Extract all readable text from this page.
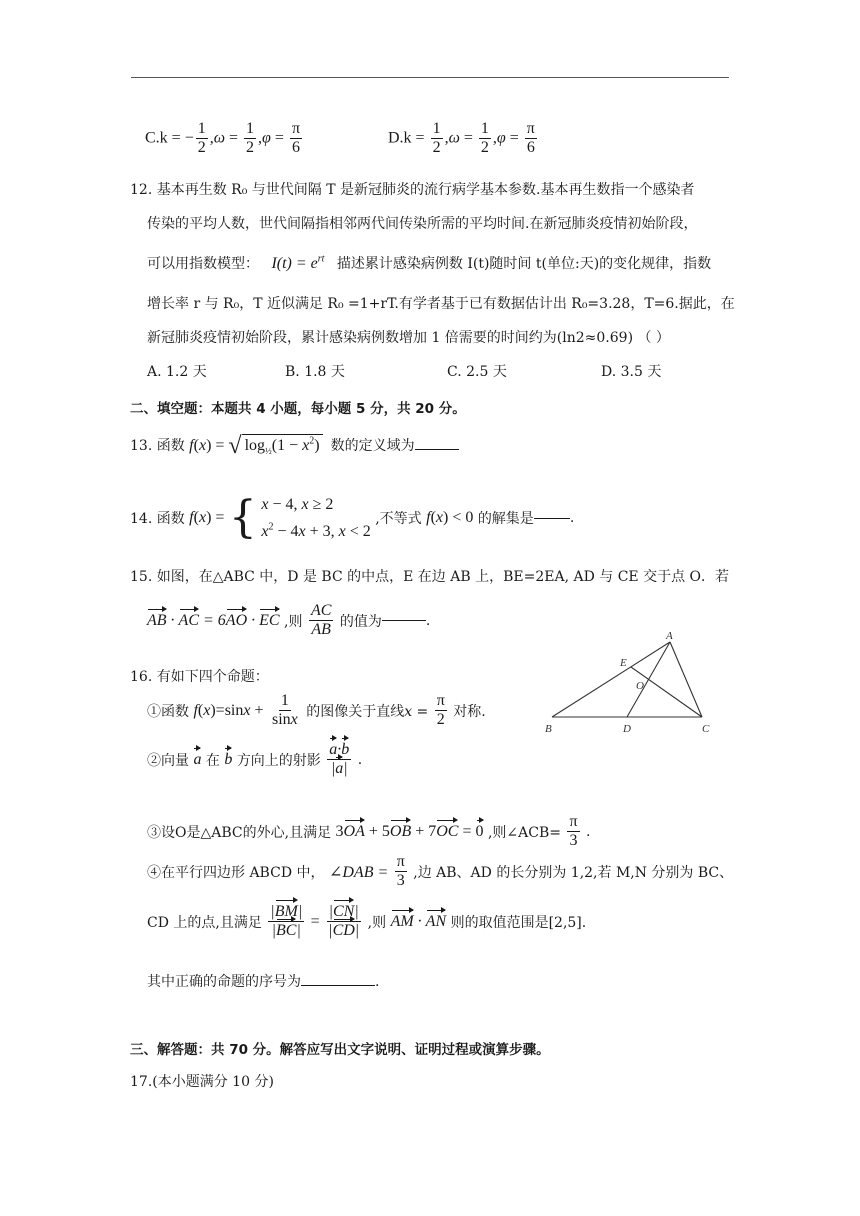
C.k = − $\frac{1}{2} ,\omega = \frac{1}{2} ,\varphi = \frac{\pi}{6}$	$D.k = \frac{1}{2} ,\omega = \frac{1}{2} ,\varphi = \frac{\pi}{6}$
12. 基本再生数 R₀ 与世代间隔 T 是新冠肺炎的流行病学基本参数.基本再生数指一个感染者
传染的平均人数，世代间隔指相邻两代间传染所需的平均时间.在新冠肺炎疫情初始阶段，
可以用指数模型： $I(t) = e^{rt}$ 描述累计感染病例数 I(t)随时间 t(单位:天)的变化规律，指数
增长率 r 与 R₀，T 近似满足 R₀ =1+rT.有学者基于已有数据估计出 R₀=3.28，T=6.据此，在
新冠肺炎疫情初始阶段，累计感染病例数增加 1 倍需要的时间约为(ln2≈0.69) （ ）
A. 1.2 天	B. 1.8 天	C. 2.5 天	D. 3.5 天
二、填空题：本题共 4 小题，每小题 5 分，共 20 分。
13. 函数 f(x) = √ $\log_{\frac{1}{2}}(1 - x^2)$ 数的定义域为
14. 函数 f(x) = { x − 4, x ≥ 2
$x^2 - 4x + 3$, x < 2
,不等式 f(x) < 0 的解集是	.
15. 如图，在△ABC 中，D 是 BC 的中点，E 在边 AB 上，BE=2EA, AD 与 CE 交于点 O．若
AB · AC = 6AO · EC ,则 $\frac{AC}{AB}$ 的值为	.
A
E
O
B	D	C
16. 有如下四个命题：
①函数 $f(x)=\sin x + \frac{1}{\sin x}$ 的图像关于直线$x = \frac{\pi}{2}$ 对称.
②向量 a 在 b 方向上的射影 $\frac{a\cdot b}{|a|}$ .
③设O是△ABC的外心,且满足 3OA + 5OB + 7OC = 0 ,则∠ACB= $\frac{\pi}{3}$ .
④在平行四边形 ABCD 中， ∠DAB = $\frac{\pi}{3}$ ,边 AB、AD 的长分别为 1,2,若 M,N 分别为 BC、
CD 上的点,且满足 $\frac{|BM|}{|BC|} = \frac{|CN|}{|CD|}$ ,则 AM · AN 则的取值范围是[2,5].
其中正确的命题的序号为	.
三、解答题：共 70 分。解答应写出文字说明、证明过程或演算步骤。
17.(本小题满分 10 分)
